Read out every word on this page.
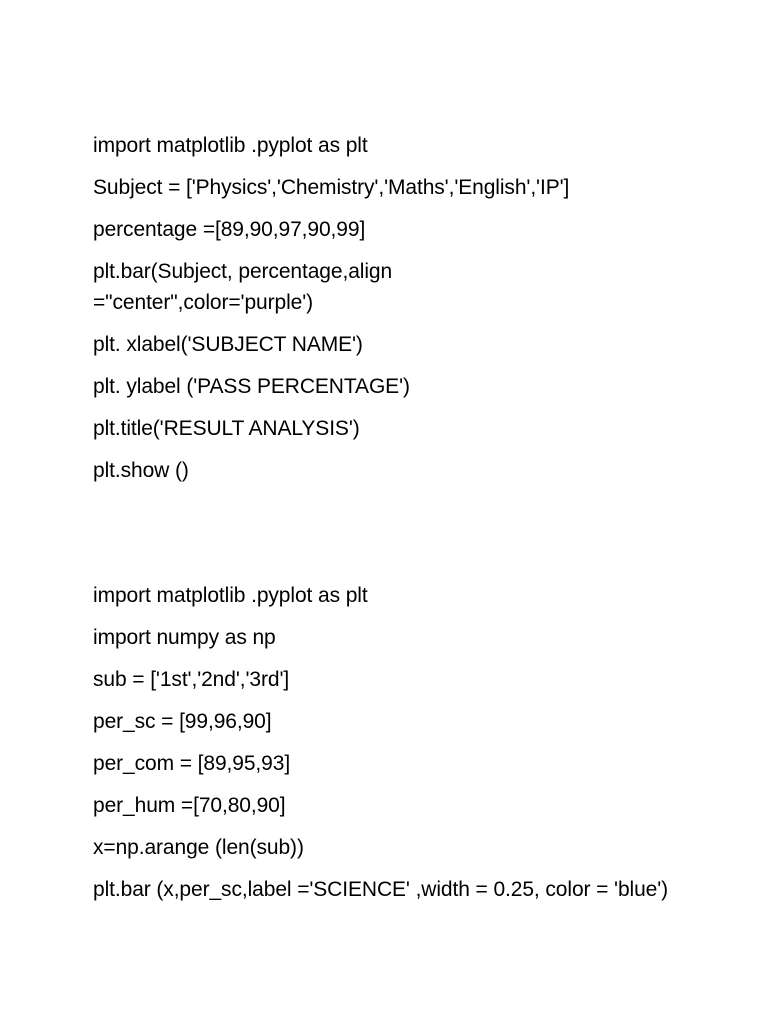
import matplotlib .pyplot as plt

Subject = ['Physics','Chemistry','Maths','English','IP']

percentage =[89,90,97,90,99]

plt.bar(Subject, percentage,align ="center",color='purple')

plt. xlabel('SUBJECT NAME')

plt. ylabel ('PASS PERCENTAGE')

plt.title('RESULT ANALYSIS')

plt.show ()

import matplotlib .pyplot as plt

import numpy as np

sub = ['1st','2nd','3rd']

per_sc = [99,96,90]

per_com = [89,95,93]

per_hum =[70,80,90]

x=np.arange (len(sub))

plt.bar (x,per_sc,label ='SCIENCE' ,width = 0.25, color = 'blue')
